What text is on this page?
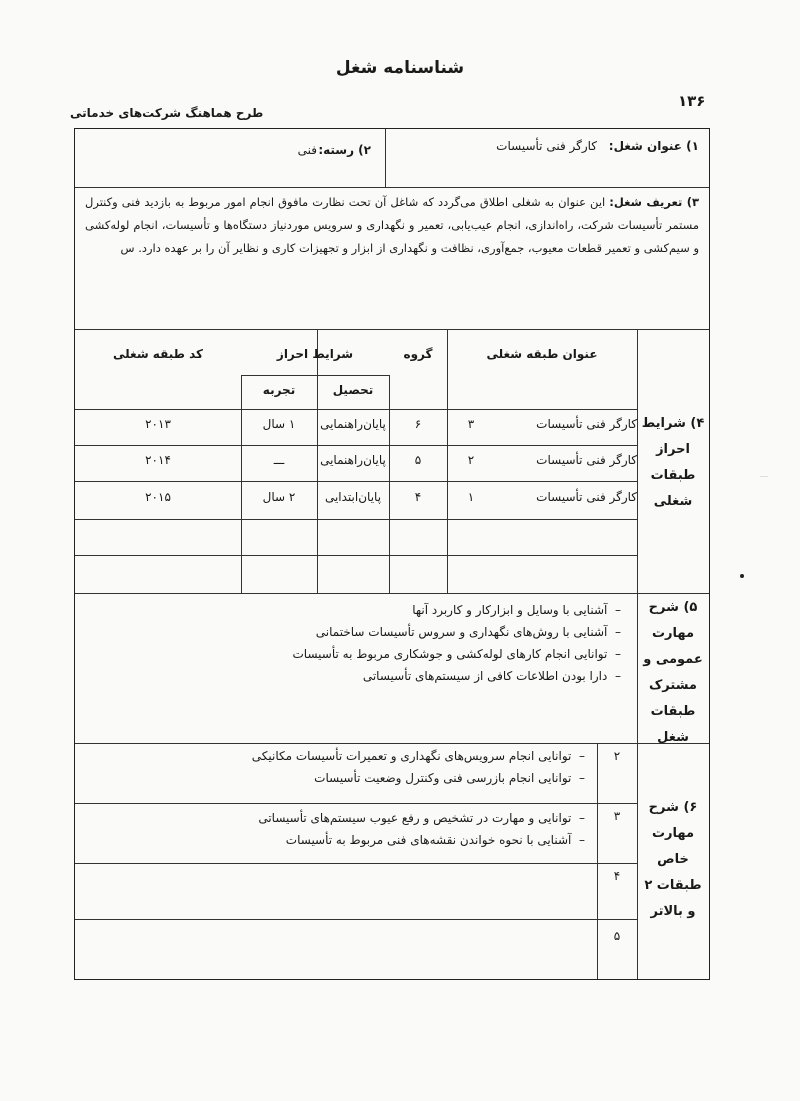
شناسنامه شغل
۱۳۶
طرح هماهنگ شرکت‌های خدماتی
ـــ
۱) عنوان شغل:
کارگر فنی تأسیسات
۲) رسته:
فنی
۳) تعریف شغل: این عنوان به شغلی اطلاق می‌گردد که شاغل آن تحت نظارت مافوق انجام امور مربوط به بازدید فنی وکنترل مستمر تأسیسات شرکت، راه‌اندازی، انجام عیب‌یابی، تعمیر و نگهداری و سرویس موردنیاز دستگاه‌ها و تأسیسات، انجام لوله‌کشی و سیم‌کشی و تعمیر قطعات معیوب، جمع‌آوری، نظافت و نگهداری از ابزار و تجهیزات کاری و نظایر آن را بر عهده دارد. س
۴) شرایط احراز طبقات شغلی
عنوان طبقه شغلی
گروه
شرایط احراز
تحصیل
تجربه
کد طبقه شغلی
کارگر فنی تأسیسات
۳
۶
پایان‌راهنمایی
۱ سال
۲۰۱۳
کارگر فنی تأسیسات
۲
۵
پایان‌راهنمایی
ـــ
۲۰۱۴
کارگر فنی تأسیسات
۱
۴
پایان‌ابتدایی
۲ سال
۲۰۱۵
۵) شرح مهارت عمومی و مشترک طبقات شغل
–  آشنایی با وسایل و ابزارکار و کاربرد آنها
–  آشنایی با روش‌های نگهداری و سروس تأسیسات ساختمانی
–  توانایی انجام کارهای لوله‌کشی و جوشکاری مربوط به تأسیسات
–  دارا بودن اطلاعات کافی از سیستم‌های تأسیساتی
۶) شرح مهارت خاص طبقات ۲ و بالاتر
۲
–  توانایی انجام سرویس‌های نگهداری و تعمیرات تأسیسات مکانیکی
–  توانایی انجام بازرسی فنی وکنترل وضعیت تأسیسات
۳
–  توانایی و مهارت در تشخیص و رفع عیوب سیستم‌های تأسیساتی
–  آشنایی با نحوه خواندن نقشه‌های فنی مربوط به تأسیسات
۴
۵
